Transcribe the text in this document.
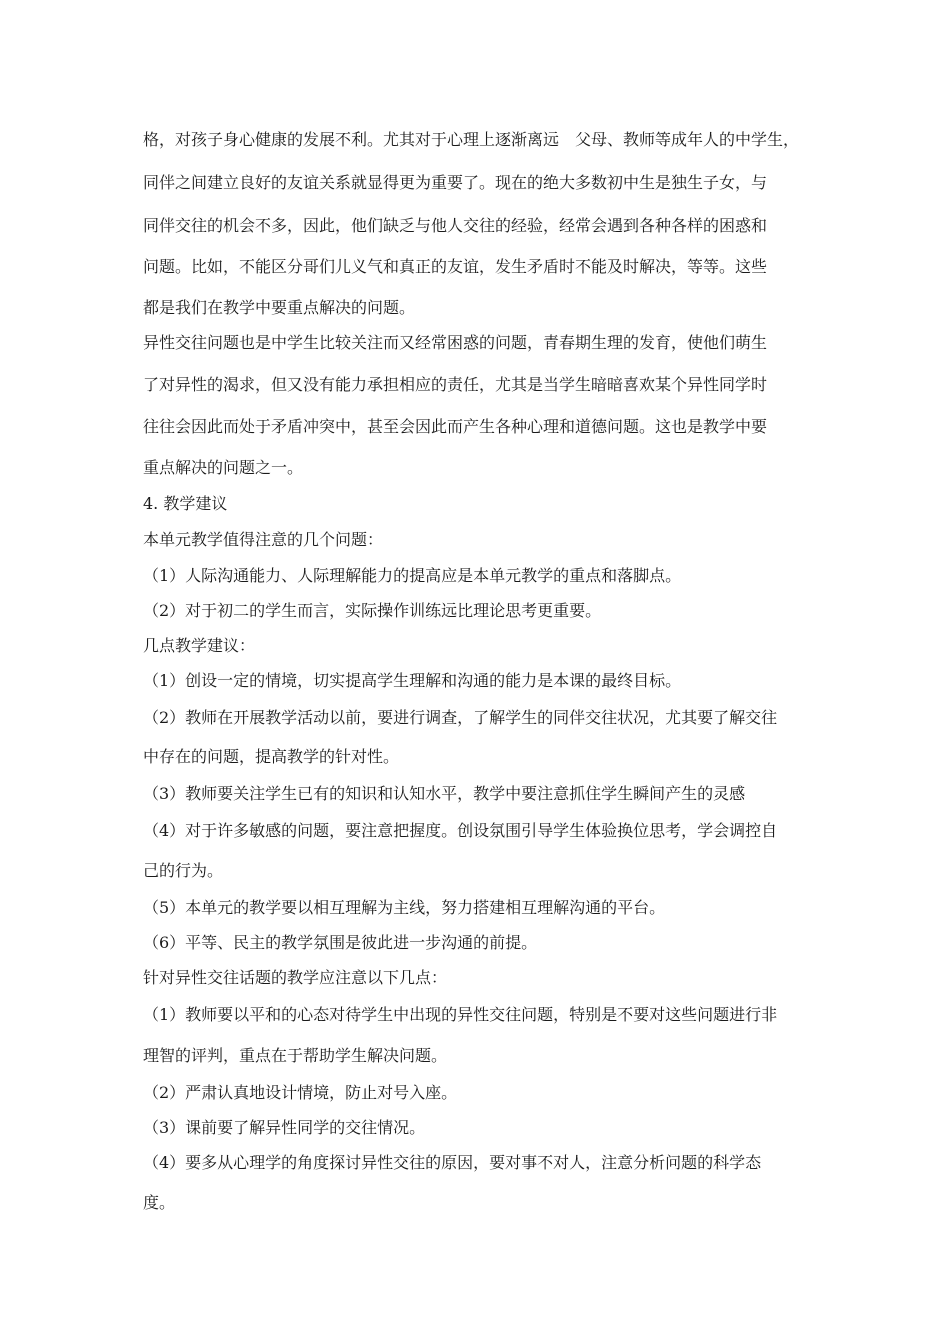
格，对孩子身心健康的发展不利。尤其对于心理上逐渐离远　父母、教师等成年人的中学生，
同伴之间建立良好的友谊关系就显得更为重要了。现在的绝大多数初中生是独生子女，与
同伴交往的机会不多，因此，他们缺乏与他人交往的经验，经常会遇到各种各样的困惑和
问题。比如，不能区分哥们儿义气和真正的友谊，发生矛盾时不能及时解决，等等。这些
都是我们在教学中要重点解决的问题。
异性交往问题也是中学生比较关注而又经常困惑的问题，青春期生理的发育，使他们萌生
了对异性的渴求，但又没有能力承担相应的责任，尤其是当学生暗暗喜欢某个异性同学时
往往会因此而处于矛盾冲突中，甚至会因此而产生各种心理和道德问题。这也是教学中要
重点解决的问题之一。
4. 教学建议
本单元教学值得注意的几个问题：
（1）人际沟通能力、人际理解能力的提高应是本单元教学的重点和落脚点。
（2）对于初二的学生而言，实际操作训练远比理论思考更重要。
几点教学建议：
（1）创设一定的情境，切实提高学生理解和沟通的能力是本课的最终目标。
（2）教师在开展教学活动以前，要进行调查，了解学生的同伴交往状况，尤其要了解交往
中存在的问题，提高教学的针对性。
（3）教师要关注学生已有的知识和认知水平，教学中要注意抓住学生瞬间产生的灵感
（4）对于许多敏感的问题，要注意把握度。创设氛围引导学生体验换位思考，学会调控自
己的行为。
（5）本单元的教学要以相互理解为主线，努力搭建相互理解沟通的平台。
（6）平等、民主的教学氛围是彼此进一步沟通的前提。
针对异性交往话题的教学应注意以下几点：
（1）教师要以平和的心态对待学生中出现的异性交往问题，特别是不要对这些问题进行非
理智的评判，重点在于帮助学生解决问题。
（2）严肃认真地设计情境，防止对号入座。
（3）课前要了解异性同学的交往情况。
（4）要多从心理学的角度探讨异性交往的原因，要对事不对人，注意分析问题的科学态
度。
